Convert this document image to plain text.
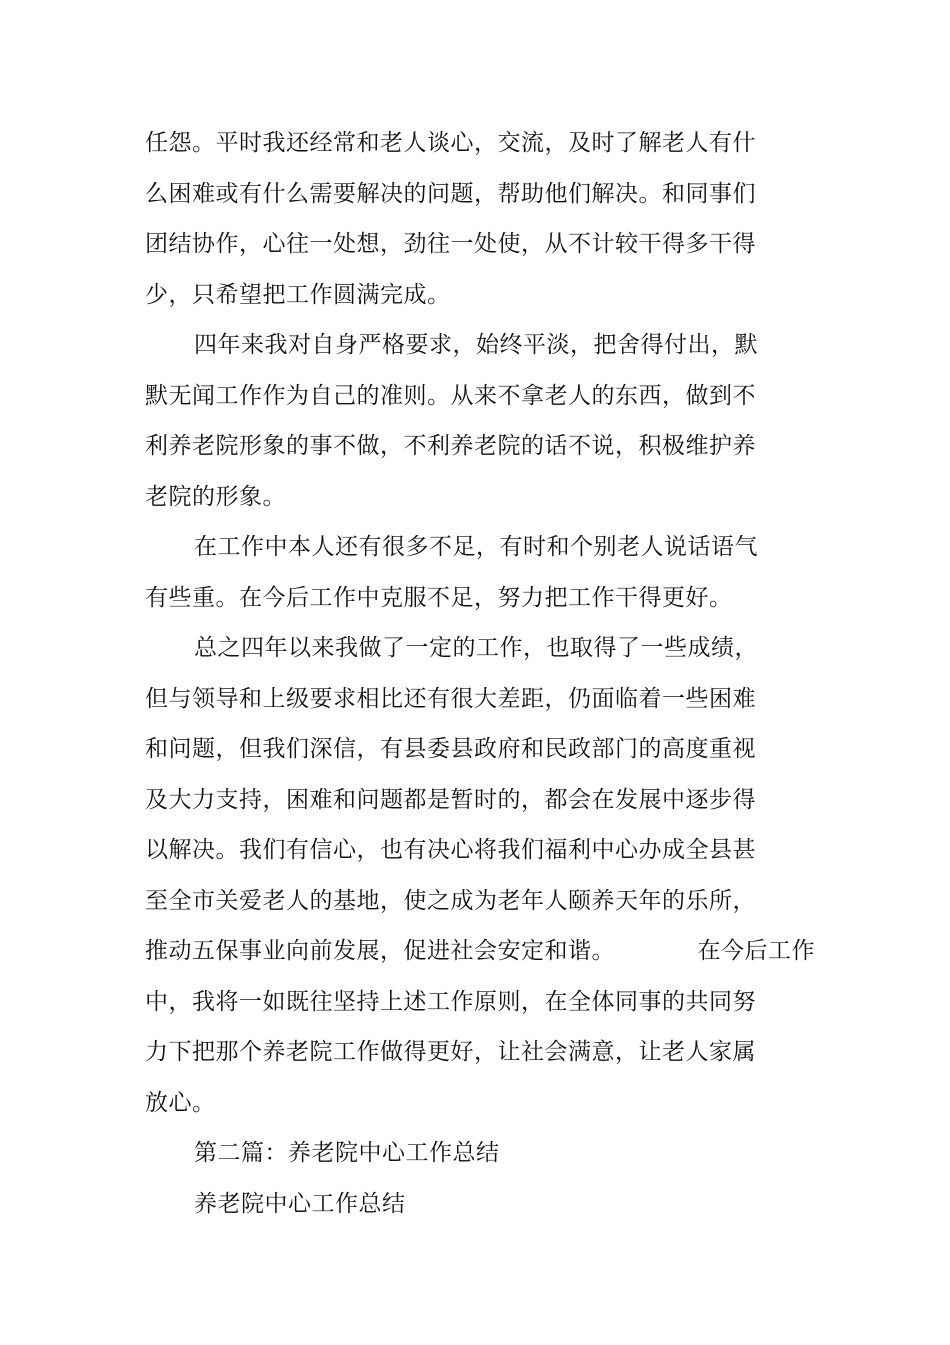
任怨。平时我还经常和老人谈心，交流，及时了解老人有什
么困难或有什么需要解决的问题，帮助他们解决。和同事们
团结协作，心往一处想，劲往一处使，从不计较干得多干得
少，只希望把工作圆满完成。
四年来我对自身严格要求，始终平淡，把舍得付出，默
默无闻工作作为自己的准则。从来不拿老人的东西，做到不
利养老院形象的事不做，不利养老院的话不说，积极维护养
老院的形象。
在工作中本人还有很多不足，有时和个别老人说话语气
有些重。在今后工作中克服不足，努力把工作干得更好。
总之四年以来我做了一定的工作，也取得了一些成绩，
但与领导和上级要求相比还有很大差距，仍面临着一些困难
和问题，但我们深信，有县委县政府和民政部门的高度重视
及大力支持，困难和问题都是暂时的，都会在发展中逐步得
以解决。我们有信心，也有决心将我们福利中心办成全县甚
至全市关爱老人的基地，使之成为老年人颐养天年的乐所，
推动五保事业向前发展，促进社会安定和谐。　　　　在今后工作
中，我将一如既往坚持上述工作原则，在全体同事的共同努
力下把那个养老院工作做得更好，让社会满意，让老人家属
放心。
第二篇：养老院中心工作总结
养老院中心工作总结
